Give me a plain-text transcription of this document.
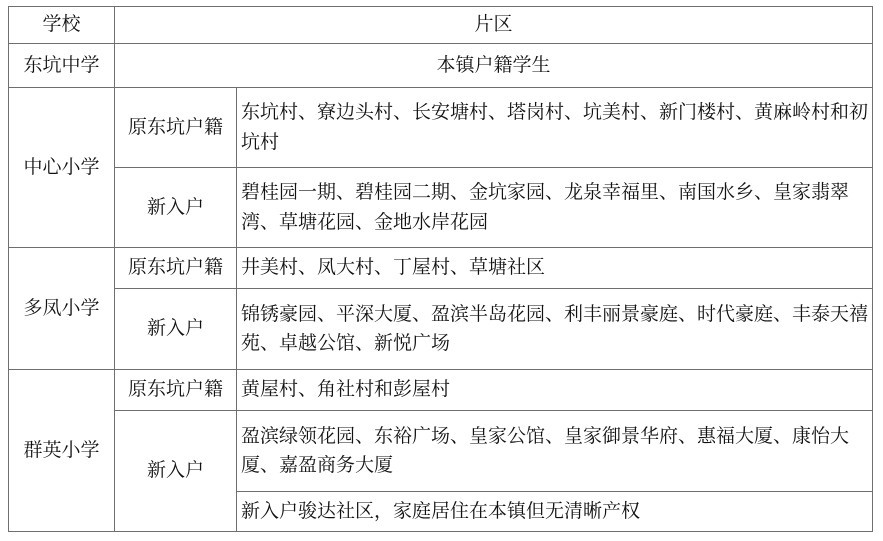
学校	片区	
东坑中学	本镇户籍学生	
中心小学	原东坑户籍	东坑村、寮边头村、长安塘村、塔岗村、坑美村、新门楼村、黄麻岭村和初坑村
	新入户	碧桂园一期、碧桂园二期、金坑家园、龙泉幸福里、南国水乡、皇家翡翠湾、草塘花园、金地水岸花园
多凤小学	原东坑户籍	井美村、凤大村、丁屋村、草塘社区
	新入户	锦锈豪园、平深大厦、盈滨半岛花园、利丰丽景豪庭、时代豪庭、丰泰天禧苑、卓越公馆、新悦广场
群英小学	原东坑户籍	黄屋村、角社村和彭屋村
	新入户	盈滨绿领花园、东裕广场、皇家公馆、皇家御景华府、惠福大厦、康怡大厦、嘉盈商务大厦
		新入户骏达社区，家庭居住在本镇但无清晰产权
